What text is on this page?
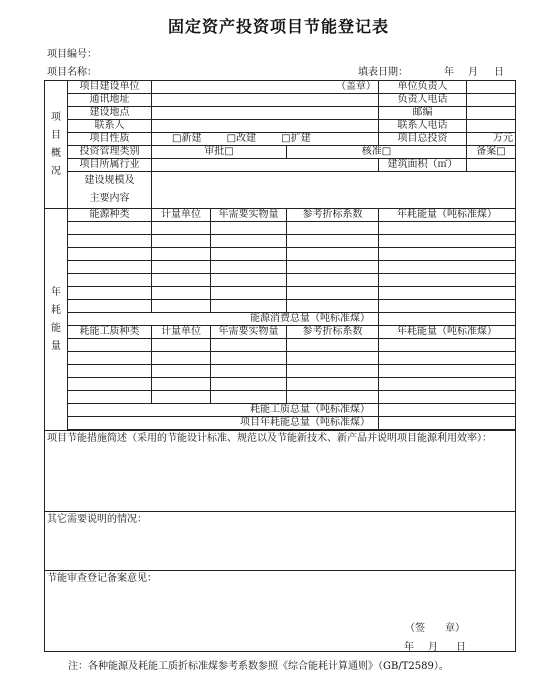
固定资产投资项目节能登记表
项目编号：
项目名称：	填表日期：	年 月 日
项
目
概
况	项目建设单位	（盖章）			单位负责人		
	通讯地址				负责人电话		
	建设地点				邮编		
	联系人				联系人电话		
	项目性质	□新建 □改建 □扩建			项目总投资	万元	
	投资管理类别	审批□		核准□		备案□	
	项目所属行业				建筑面积（㎡）		
	建设规模及
主要内容						

年
耗
能
量	能源种类	计量单位	年需要实物量	参考折标系数	年耗能量（吨标准煤）		

	能源消费总量（吨标准煤）						
	耗能工质种类	计量单位	年需要实物量	参考折标系数	年耗能量（吨标准煤）		

	耗能工质总量（吨标准煤）						
	项目年耗能总量（吨标准煤）						

项目节能措施简述（采用的节能设计标准、规范以及节能新技术、新产品并说明项目能源利用效率）：							
其它需要说明的情况：							
节能审查登记备案意见：							
（签　　章）
年 月 日
注：各种能源及耗能工质折标准煤参考系数参照《综合能耗计算通则》（GB/T2589）。
